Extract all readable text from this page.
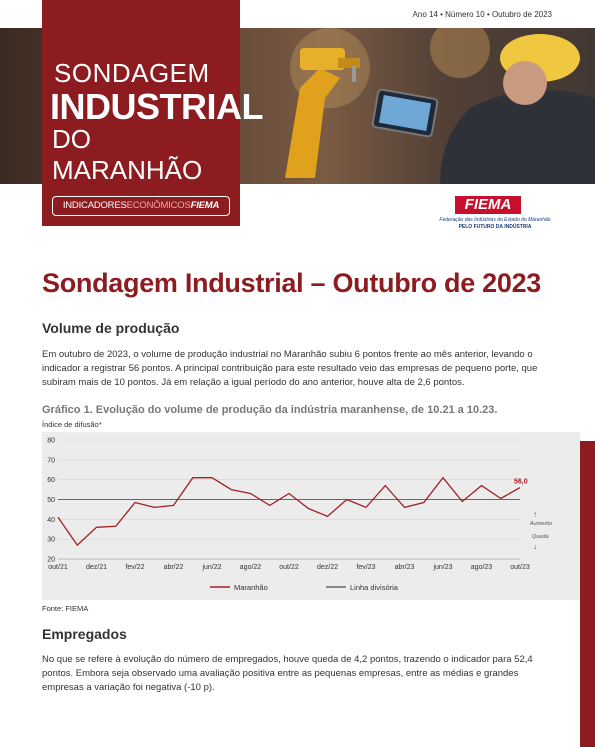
Ano 14 • Número 10 • Outubro de 2023
SONDAGEM
INDUSTRIAL
DO MARANHÃO
INDICADORESECONÔMICOSFIEMA	FIEMA
Federação das Indústrias do Estado do Maranhão
PELO FUTURO DA INDÚSTRIA
Sondagem Industrial – Outubro de 2023
Volume de produção
Em outubro de 2023, o volume de produção industrial no Maranhão subiu 6 pontos frente ao mês anterior, levando o indicador a registrar 56 pontos. A principal contribuição para este resultado veio das empresas de pequeno porte, que subiram mais de 10 pontos. Já em relação a igual período do ano anterior, houve alta de 2,6 pontos.
Gráfico 1. Evolução do volume de produção da indústria maranhense, de 10.21 a 10.23.
Índice de difusão*
20
30
40
50
60
70
80
out/21	dez/21	fev/22	abr/22	jun/22	ago/22	out/22	dez/22	fev/23	abr/23	jun/23	ago/23	out/23
56,0
↑
Aumento
Queda
↓
Maranhão	Linha divisória
Fonte: FIEMA
Empregados
No que se refere à evolução do número de empregados, houve queda de 4,2 pontos, trazendo o indicador para 52,4 pontos. Embora seja observado uma avaliação positiva entre as pequenas empresas, entre as médias e grandes empresas a variação foi negativa (-10 p).
